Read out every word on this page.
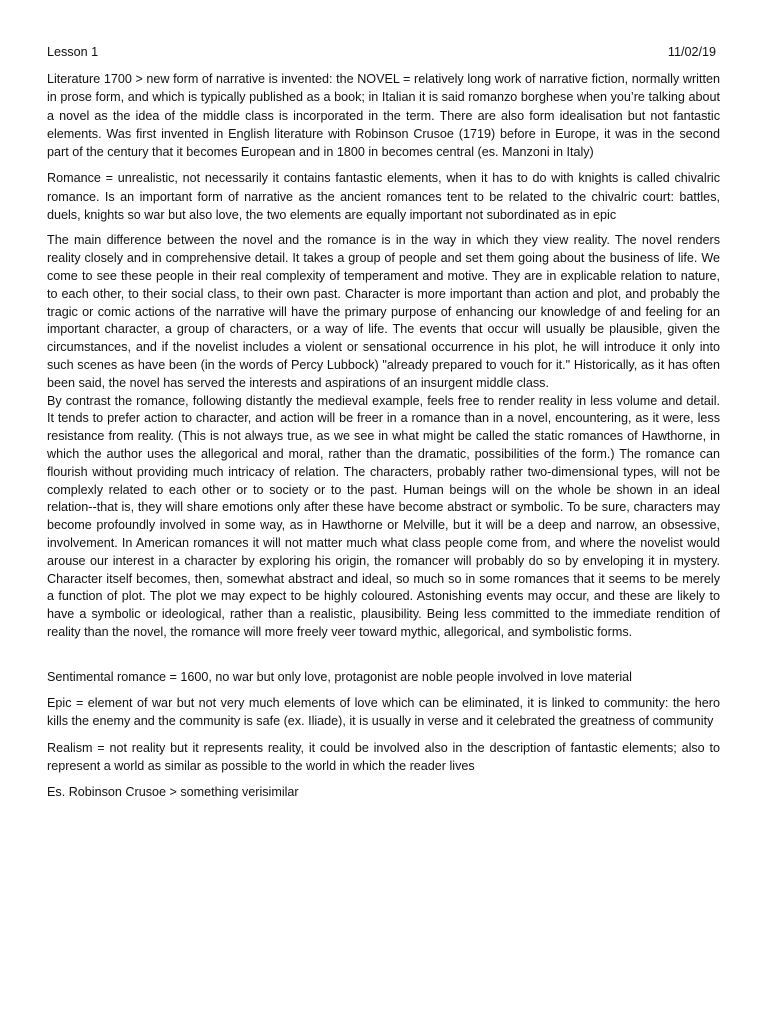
Lesson 1	11/02/19

Literature 1700 > new form of narrative is invented: the NOVEL = relatively long work of narrative fiction, normally written in prose form, and which is typically published as a book; in Italian it is said romanzo borghese when you’re talking about a novel as the idea of the middle class is incorporated in the term. There are also form idealisation but not fantastic elements. Was first invented in English literature with Robinson Crusoe (1719) before in Europe, it was in the second part of the century that it becomes European and in 1800 in becomes central (es. Manzoni in Italy)

Romance = unrealistic, not necessarily it contains fantastic elements, when it has to do with knights is called chivalric romance. Is an important form of narrative as the ancient romances tent to be related to the chivalric court: battles, duels, knights so war but also love, the two elements are equally important not subordinated as in epic

The main difference between the novel and the romance is in the way in which they view reality. The novel renders reality closely and in comprehensive detail. It takes a group of people and set them going about the business of life. We come to see these people in their real complexity of temperament and motive. They are in explicable relation to nature, to each other, to their social class, to their own past. Character is more important than action and plot, and probably the tragic or comic actions of the narrative will have the primary purpose of enhancing our knowledge of and feeling for an important character, a group of characters, or a way of life. The events that occur will usually be plausible, given the circumstances, and if the novelist includes a violent or sensational occurrence in his plot, he will introduce it only into such scenes as have been (in the words of Percy Lubbock) "already prepared to vouch for it." Historically, as it has often been said, the novel has served the interests and aspirations of an insurgent middle class.

By contrast the romance, following distantly the medieval example, feels free to render reality in less volume and detail. It tends to prefer action to character, and action will be freer in a romance than in a novel, encountering, as it were, less resistance from reality. (This is not always true, as we see in what might be called the static romances of Hawthorne, in which the author uses the allegorical and moral, rather than the dramatic, possibilities of the form.) The romance can flourish without providing much intricacy of relation. The characters, probably rather two-dimensional types, will not be complexly related to each other or to society or to the past. Human beings will on the whole be shown in an ideal relation--that is, they will share emotions only after these have become abstract or symbolic. To be sure, characters may become profoundly involved in some way, as in Hawthorne or Melville, but it will be a deep and narrow, an obsessive, involvement. In American romances it will not matter much what class people come from, and where the novelist would arouse our interest in a character by exploring his origin, the romancer will probably do so by enveloping it in mystery. Character itself becomes, then, somewhat abstract and ideal, so much so in some romances that it seems to be merely a function of plot. The plot we may expect to be highly coloured. Astonishing events may occur, and these are likely to have a symbolic or ideological, rather than a realistic, plausibility. Being less committed to the immediate rendition of reality than the novel, the romance will more freely veer toward mythic, allegorical, and symbolistic forms.

Sentimental romance = 1600, no war but only love, protagonist are noble people involved in love material

Epic = element of war but not very much elements of love which can be eliminated, it is linked to community: the hero kills the enemy and the community is safe (ex. Iliade), it is usually in verse and it celebrated the greatness of community

Realism = not reality but it represents reality, it could be involved also in the description of fantastic elements; also to represent a world as similar as possible to the world in which the reader lives

Es. Robinson Crusoe > something verisimilar
